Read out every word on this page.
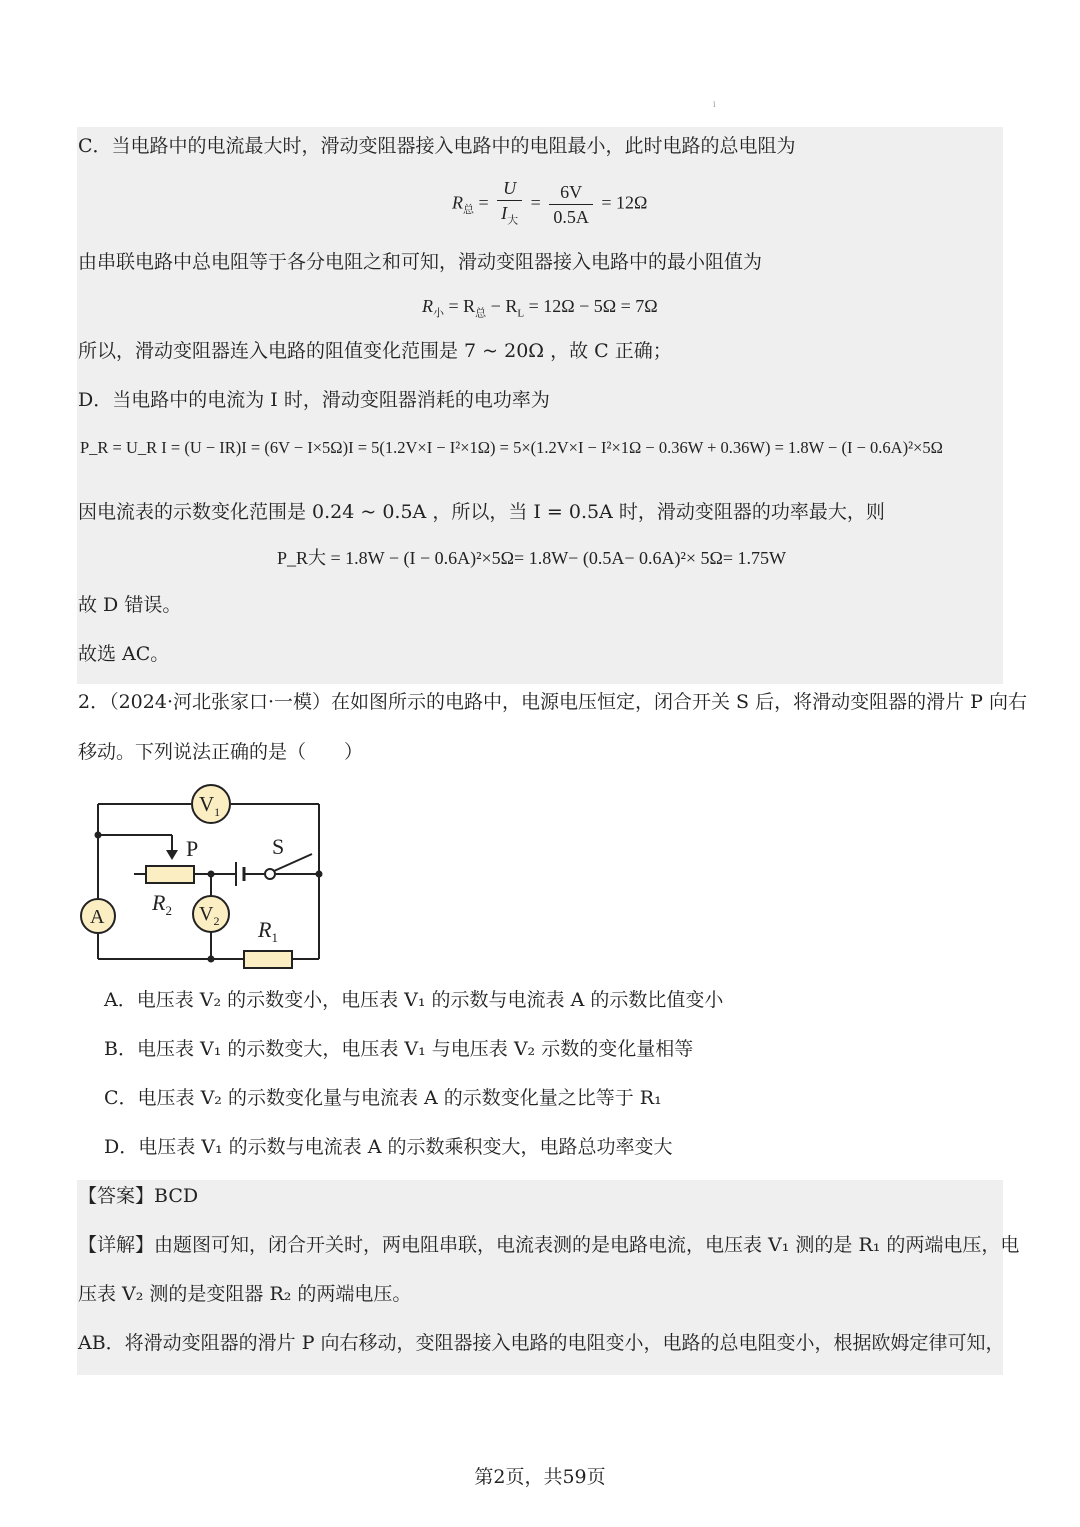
ⅰ
C．当电路中的电流最大时，滑动变阻器接入电路中的电阻最小，此时电路的总电阻为
$R_总 = \frac{U}{I_大} = \frac{6V}{0.5A} = 12\Omega$
由串联电路中总电阻等于各分电阻之和可知，滑动变阻器接入电路中的最小阻值为
$R_小 = R_总 - R_L = 12\Omega - 5\Omega = 7\Omega$
所以，滑动变阻器连入电路的阻值变化范围是 7 ~ 20Ω ，故 C 正确；
D．当电路中的电流为 I 时，滑动变阻器消耗的电功率为
P_R = U_R I = (U − IR)I = (6V − I×5Ω)I = 5(1.2V×I − I²×1Ω) = 5×(1.2V×I − I²×1Ω − 0.36W + 0.36W) = 1.8W − (I − 0.6A)²×5Ω
因电流表的示数变化范围是 0.24 ~ 0.5A ，所以，当 I = 0.5A 时，滑动变阻器的功率最大，则
P_R大 = 1.8W − (I − 0.6A)²×5Ω= 1.8W− (0.5A− 0.6A)²× 5Ω= 1.75W
故 D 错误。
故选 AC。
2．（2024·河北张家口·一模）在如图所示的电路中，电源电压恒定，闭合开关 S 后，将滑动变阻器的滑片 P 向右
移动。下列说法正确的是（　　）
$V_1$
A	$V_2$
P	S
$R_2$
$R_1$
A．电压表 V₂ 的示数变小，电压表 V₁ 的示数与电流表 A 的示数比值变小
B．电压表 V₁ 的示数变大，电压表 V₁ 与电压表 V₂ 示数的变化量相等
C．电压表 V₂ 的示数变化量与电流表 A 的示数变化量之比等于 R₁
D．电压表 V₁ 的示数与电流表 A 的示数乘积变大，电路总功率变大
【答案】BCD
【详解】由题图可知，闭合开关时，两电阻串联，电流表测的是电路电流，电压表 V₁ 测的是 R₁ 的两端电压，电
压表 V₂ 测的是变阻器 R₂ 的两端电压。
AB．将滑动变阻器的滑片 P 向右移动，变阻器接入电路的电阻变小，电路的总电阻变小，根据欧姆定律可知，
第2页，共59页
